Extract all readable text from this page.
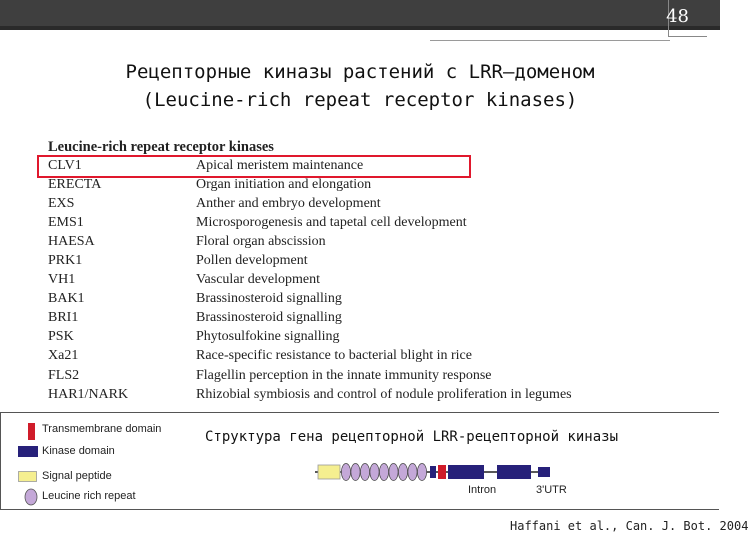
48
Рецепторные киназы растений с LRR–доменом
(Leucine-rich repeat receptor kinases)
Leucine-rich repeat receptor kinases
CLV1	Apical meristem maintenance
ERECTA	Organ initiation and elongation
EXS	Anther and embryo development
EMS1	Microsporogenesis and tapetal cell development
HAESA	Floral organ abscission
PRK1	Pollen development
VH1	Vascular development
BAK1	Brassinosteroid signalling
BRI1	Brassinosteroid signalling
PSK	Phytosulfokine signalling
Xa21	Race-specific resistance to bacterial blight in rice
FLS2	Flagellin perception in the innate immunity response
HAR1/NARK	Rhizobial symbiosis and control of nodule proliferation in legumes
Transmembrane domain
Kinase domain
Signal peptide
Leucine rich repeat
Структура гена рецепторной LRR-рецепторной киназы
Intron	3'UTR
Haffani et al., Can. J. Bot. 2004
